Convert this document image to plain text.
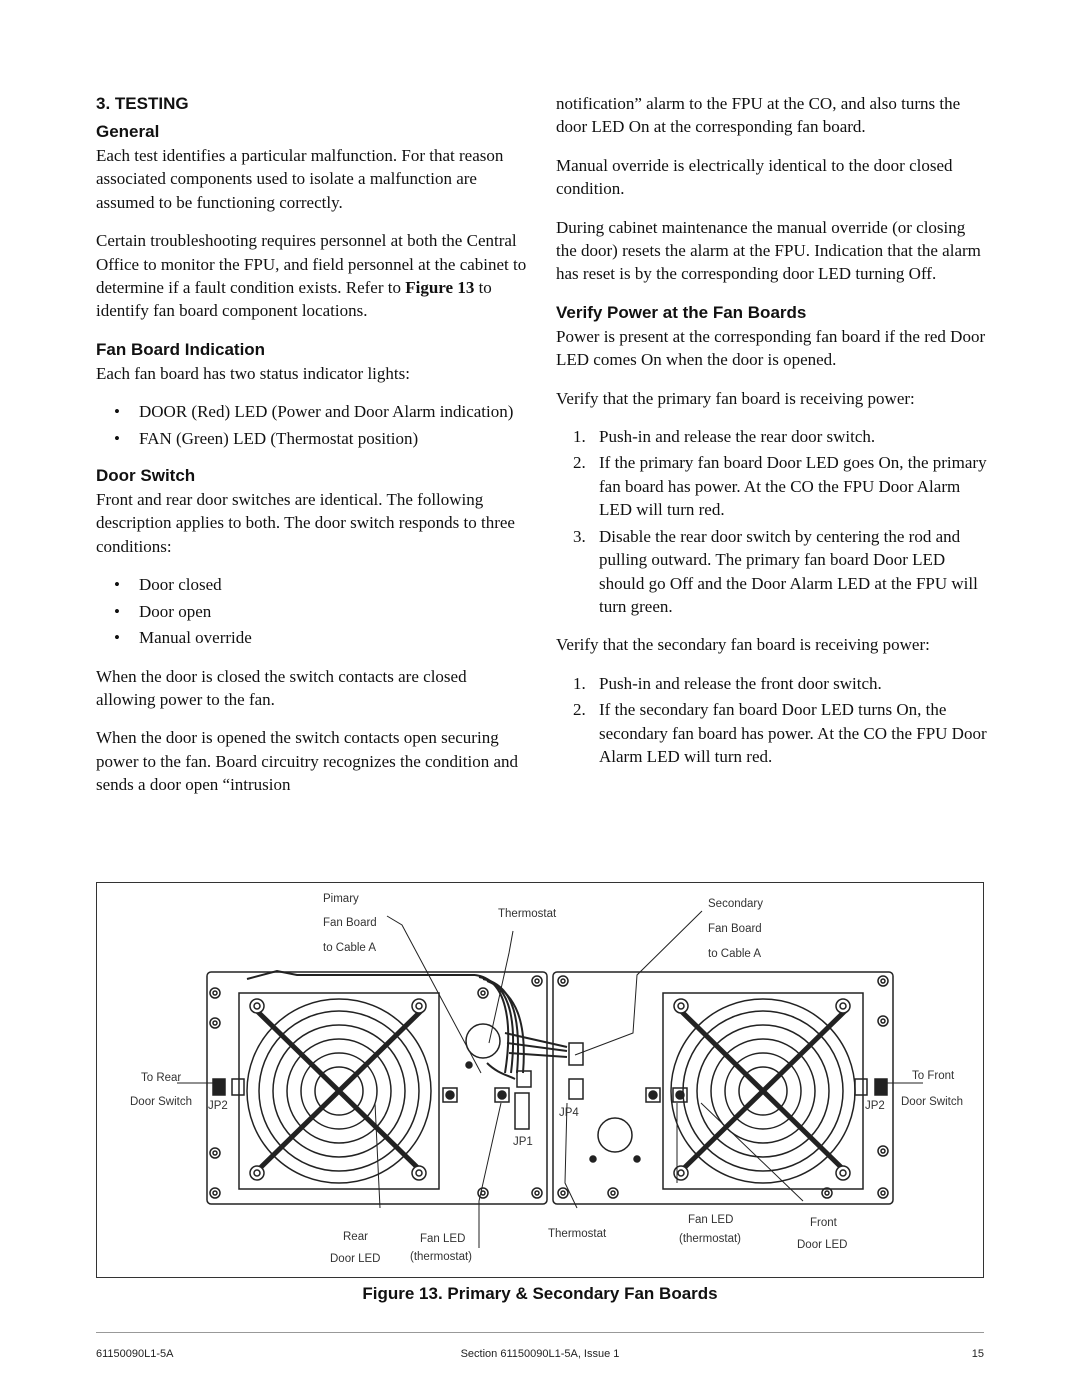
3. TESTING
General

Each test identifies a particular malfunction. For that reason associated components used to isolate a malfunction are assumed to be functioning correctly.

Certain troubleshooting requires personnel at both the Central Office to monitor the FPU, and field personnel at the cabinet to determine if a fault condition exists. Refer to Figure 13 to identify fan board component locations.

Fan Board Indication

Each fan board has two status indicator lights:

• DOOR (Red) LED (Power and Door Alarm indication)
• FAN (Green) LED (Thermostat position)
Door Switch

Front and rear door switches are identical. The following description applies to both. The door switch responds to three conditions:

• Door closed
• Door open
• Manual override

When the door is closed the switch contacts are closed allowing power to the fan.

When the door is opened the switch contacts open securing power to the fan. Board circuitry recognizes the condition and sends a door open “intrusion

notification” alarm to the FPU at the CO, and also turns the door LED On at the corresponding fan board.

Manual override is electrically identical to the door closed condition.

During cabinet maintenance the manual override (or closing the door) resets the alarm at the FPU. Indication that the alarm has reset is by the corresponding door LED turning Off.

Verify Power at the Fan Boards

Power is present at the corresponding fan board if the red Door LED comes On when the door is opened.

Verify that the primary fan board is receiving power:

1. Push-in and release the rear door switch.
2. If the primary fan board Door LED goes On, the primary fan board has power. At the CO the FPU Door Alarm LED will turn red.
3. Disable the rear door switch by centering the rod and pulling outward. The primary fan board Door LED should go Off and the Door Alarm LED at the FPU will turn green.

Verify that the secondary fan board is receiving power:

1. Push-in and release the front door switch.
2. If the secondary fan board Door LED turns On, the secondary fan board has power. At the CO the FPU Door Alarm LED will turn red.
Pimary
Fan Board
to Cable A
Thermostat
Secondary
Fan Board
to Cable A
To Rear
Door Switch JP2
JP4
JP1
JP2
To Front
Door Switch
Rear
Door LED
Fan LED
(thermostat)
Thermostat
Fan LED
(thermostat)
Front
Door LED
Figure 13. Primary & Secondary Fan Boards
61150090L1-5A	Section 61150090L1-5A, Issue 1	15
